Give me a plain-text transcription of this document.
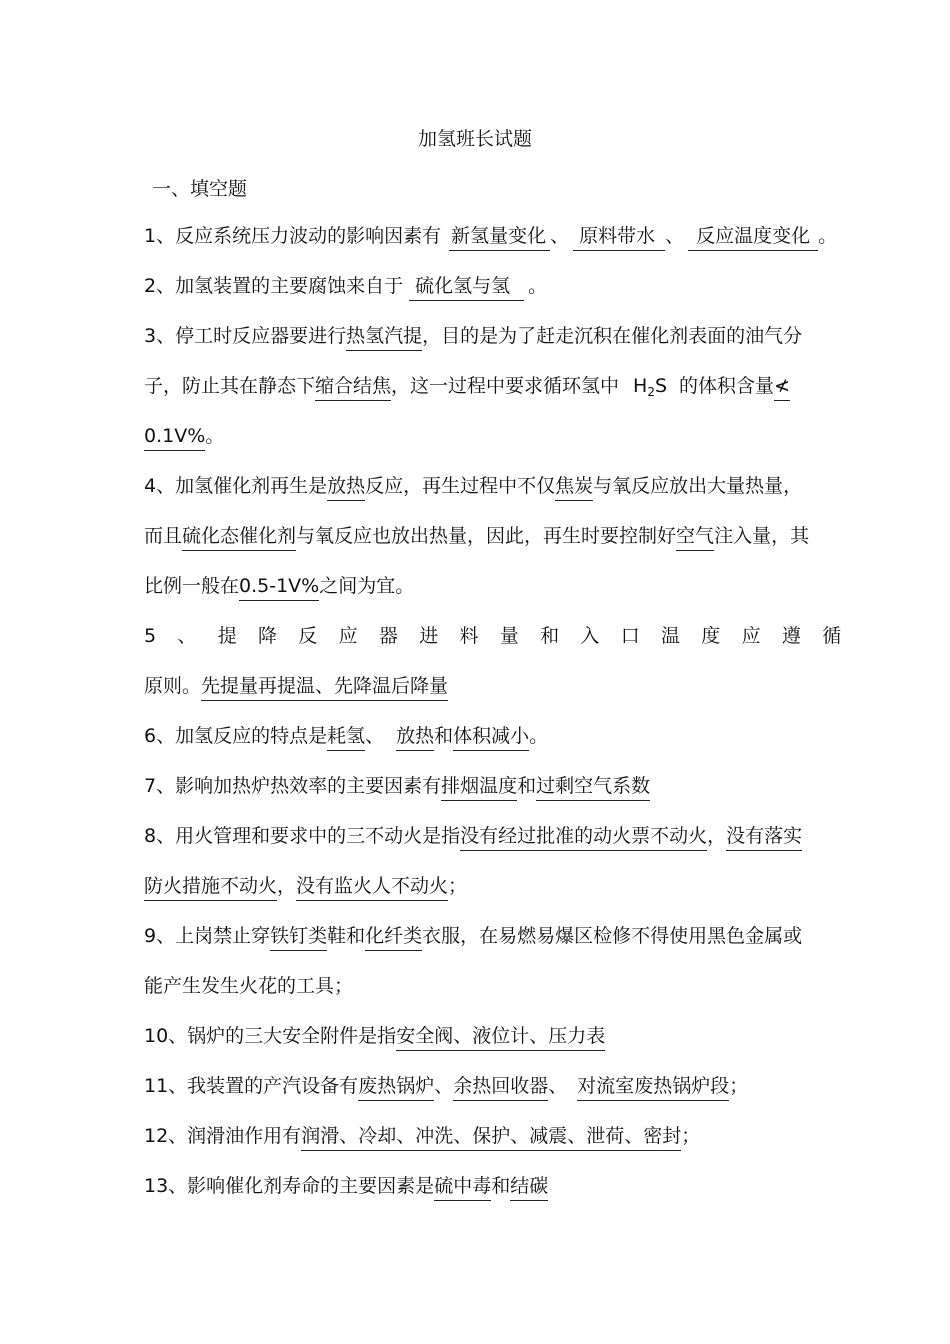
加氢班长试题
一、填空题
1、反应系统压力波动的影响因素有 新氢量变化 、 原料带水 、 反应温度变化 。
2、加氢装置的主要腐蚀来自于 硫化氢与氢 。
3、停工时反应器要进行热氢汽提，目的是为了赶走沉积在催化剂表面的油气分
子，防止其在静态下缩合结焦，这一过程中要求循环氢中 $H_2S$ 的体积含量≮
0.1V%。
4、加氢催化剂再生是放热反应，再生过程中不仅焦炭与氧反应放出大量热量，
而且硫化态催化剂与氧反应也放出热量，因此，再生时要控制好空气注入量，其
比例一般在0.5-1V%之间为宜。
5、提降反应器进料量和入口温度应遵循
原则。先提量再提温、先降温后降量
6、加氢反应的特点是耗氢、 放热和体积减小。
7、影响加热炉热效率的主要因素有排烟温度和过剩空气系数
8、用火管理和要求中的三不动火是指没有经过批准的动火票不动火，没有落实
防火措施不动火，没有监火人不动火；
9、上岗禁止穿铁钉类鞋和化纤类衣服，在易燃易爆区检修不得使用黑色金属或
能产生发生火花的工具；
10、锅炉的三大安全附件是指安全阀、液位计、压力表
11、我装置的产汽设备有废热锅炉、余热回收器、 对流室废热锅炉段；
12、润滑油作用有润滑、冷却、冲洗、保护、减震、泄荷、密封；
13、影响催化剂寿命的主要因素是硫中毒和结碳
